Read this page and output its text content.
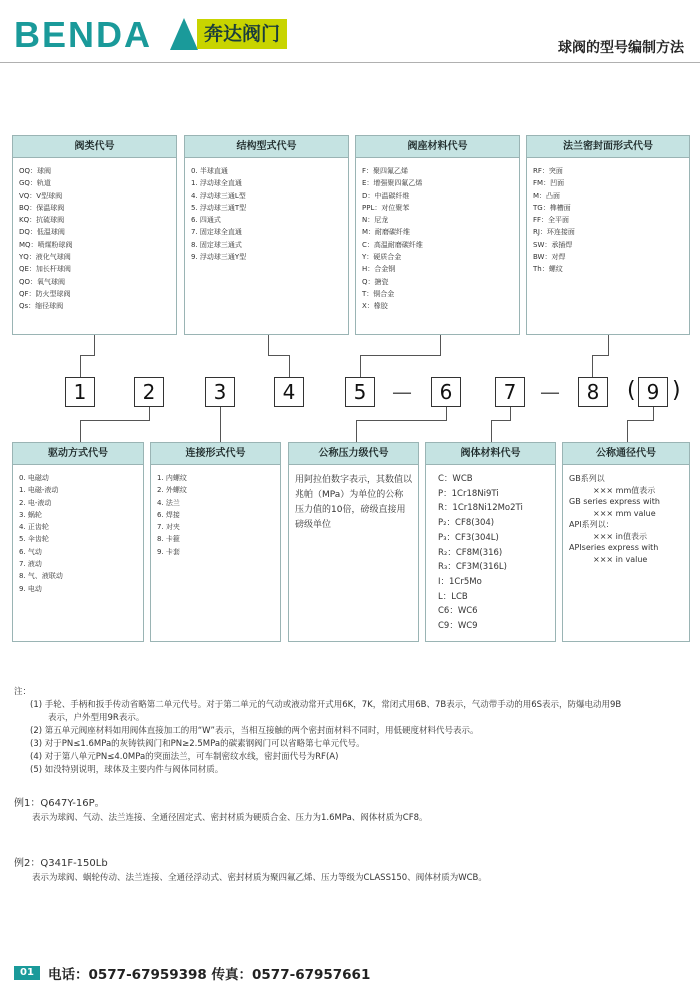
BENDA	奔达阀门
球阀的型号编制方法
阀类代号
OQ：球阀
GQ：轨道
VQ：V型球阀
BQ：保温球阀
KQ：抗硫球阀
DQ：低温球阀
MQ：喷煤粉球阀
YQ：液化气球阀
QE：加长杆球阀
QO：氧气球阀
QF：防火型球阀
Qs：缩径球阀
结构型式代号
0. 半球直通
1. 浮动球全直通
4. 浮动球三通L型
5. 浮动球三通T型
6. 四通式
7. 固定球全直通
8. 固定球三通式
9. 浮动球三通Y型
阀座材料代号
F：聚四氟乙烯
E：增强聚四氟乙烯
D：中温碳纤维
PPL：对位聚苯
N：尼龙
M：耐磨碳纤维
C：高温耐磨碳纤维
Y：硬质合金
H：合金钢
Q：搪瓷
T：铜合金
X：橡胶
法兰密封面形式代号
RF：突面
FM：凹面
M：凸面
TG：榫槽面
FF：全平面
RJ：环连接面
SW：承插焊
BW：对焊
Th：螺纹
1	2	3	4	5	—	6	7	—	8	( 9 )
驱动方式代号
0. 电磁动
1. 电磁-液动
2. 电-液动
3. 蜗轮
4. 正齿轮
5. 伞齿轮
6. 气动
7. 液动
8. 气、液联动
9. 电动
连接形式代号
1. 内螺纹
2. 外螺纹
4. 法兰
6. 焊接
7. 对夹
8. 卡箍
9. 卡套
公称压力级代号
用阿拉伯数字表示，其数值以兆帕（MPa）为单位的公称压力值的10倍，磅级直接用磅级单位
阀体材料代号
C：WCB
P：1Cr18Ni9Ti
R：1Cr18Ni12Mo2Ti
P₂：CF8(304)
P₃：CF3(304L)
R₂：CF8M(316)
R₃：CF3M(316L)
I：1Cr5Mo
L：LCB
C6：WC6
C9：WC9
公称通径代号
GB系列以
××× mm值表示
GB series express with
××× mm value
API系列以：
××× in值表示
APIseries express with
××× in value
注：
(1) 手轮、手柄和扳手传动省略第二单元代号。对于第二单元的气动或液动常开式用6K，7K，常闭式用6B、7B表示，气动带手动的用6S表示，防爆电动用9B
表示，户外型用9R表示。
(2) 第五单元阀座材料如用阀体直接加工的用“W”表示，当相互接触的两个密封面材料不同时，用低硬度材料代号表示。
(3) 对于PN≤1.6MPa的灰铸铁阀门和PN≥2.5MPa的碳素钢阀门可以省略第七单元代号。
(4) 对于第八单元PN≤4.0MPa的突面法兰，可车制密纹水线，密封面代号为RF(A)
(5) 如没特别说明，球体及主要内件与阀体同材质。
例1：Q647Y-16P。
表示为球阀、气动、法兰连接、全通径固定式、密封材质为硬质合金、压力为1.6MPa、阀体材质为CF8。
例2：Q341F-150Lb
表示为球阀、蜗轮传动、法兰连接、全通径浮动式、密封材质为聚四氟乙烯、压力等级为CLASS150、阀体材质为WCB。
01	电话：0577-67959398 传真：0577-67957661
